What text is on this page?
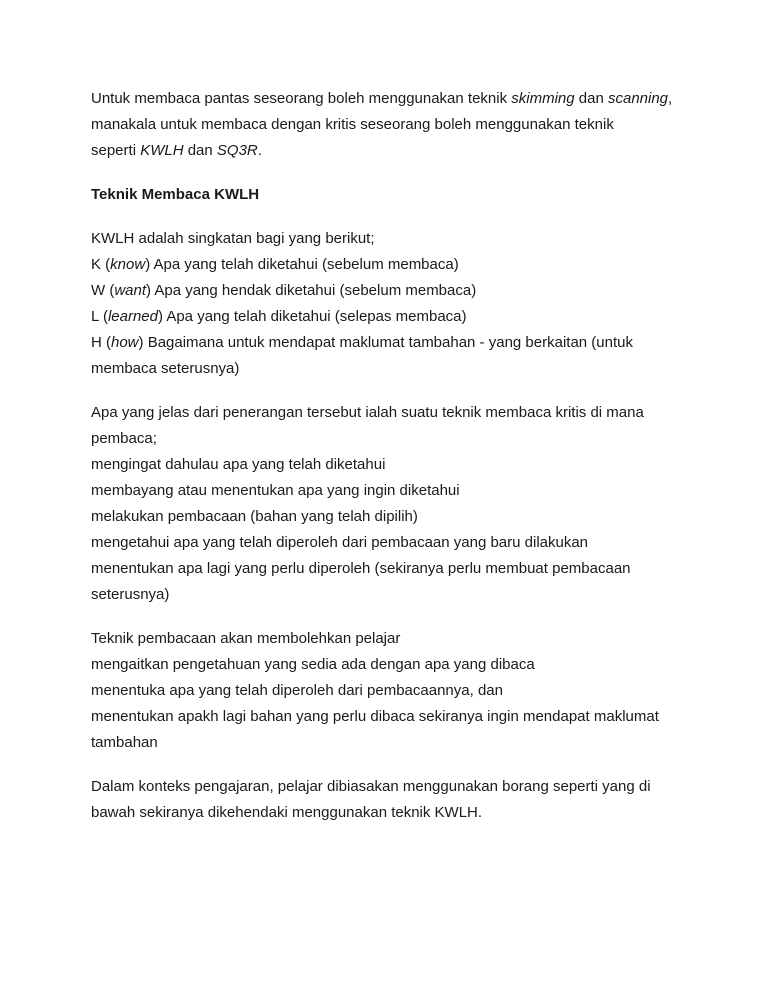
Untuk membaca pantas seseorang boleh menggunakan teknik skimming dan scanning,
manakala untuk membaca dengan kritis seseorang boleh menggunakan teknik
seperti KWLH dan SQ3R.
Teknik Membaca KWLH
KWLH adalah singkatan bagi yang berikut;
K (know) Apa yang telah diketahui (sebelum membaca)
W (want) Apa yang hendak diketahui (sebelum membaca)
L (learned) Apa yang telah diketahui (selepas membaca)
H (how) Bagaimana untuk mendapat maklumat tambahan - yang berkaitan (untuk
membaca seterusnya)
Apa yang jelas dari penerangan tersebut ialah suatu teknik membaca kritis di mana
pembaca;
mengingat dahulau apa yang telah diketahui
membayang atau menentukan apa yang ingin diketahui
melakukan pembacaan (bahan yang telah dipilih)
mengetahui apa yang telah diperoleh dari pembacaan yang baru dilakukan
menentukan apa lagi yang perlu diperoleh (sekiranya perlu membuat pembacaan
seterusnya)
Teknik pembacaan akan membolehkan pelajar
mengaitkan pengetahuan yang sedia ada dengan apa yang dibaca
menentuka apa yang telah diperoleh dari pembacaannya, dan
menentukan apakh lagi bahan yang perlu dibaca sekiranya ingin mendapat maklumat
tambahan
Dalam konteks pengajaran, pelajar dibiasakan menggunakan borang seperti yang di
bawah sekiranya dikehendaki menggunakan teknik KWLH.
